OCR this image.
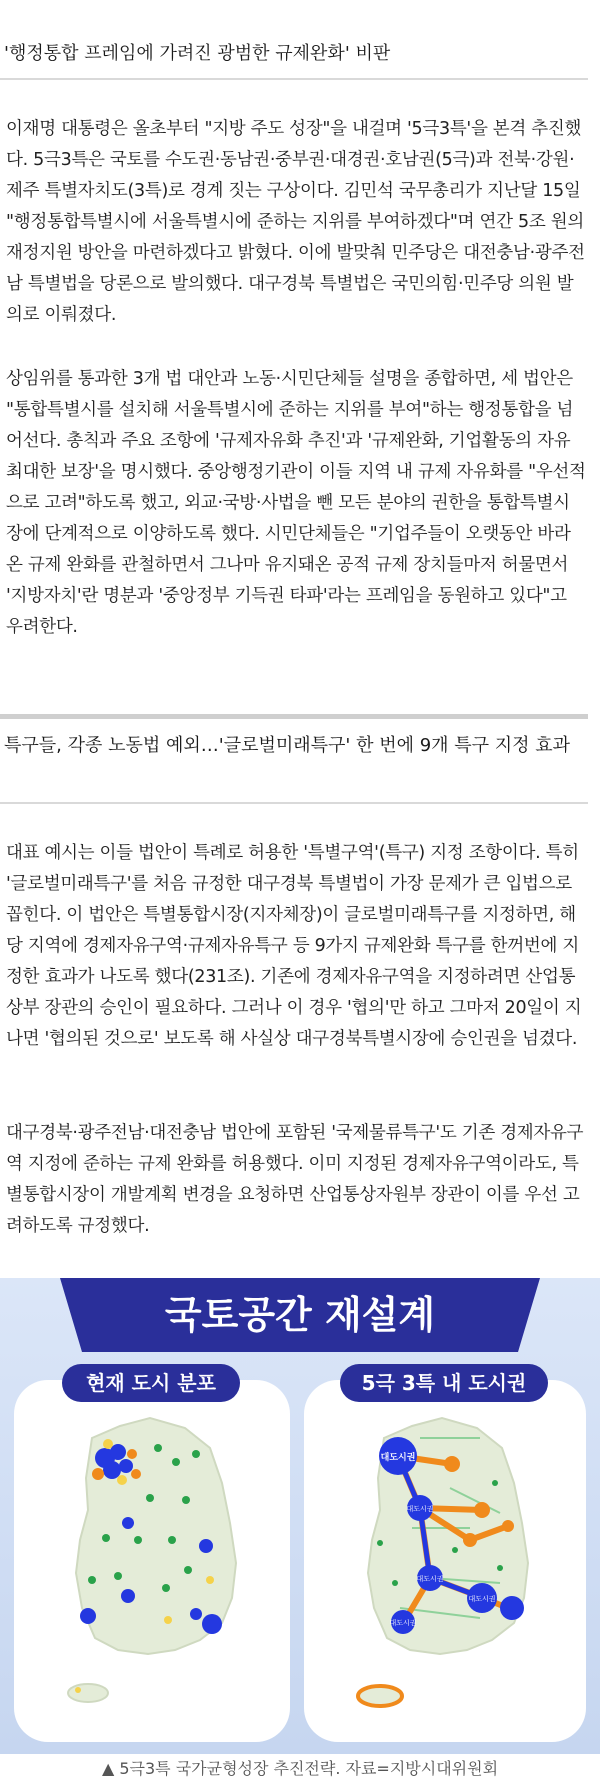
'행정통합 프레임에 가려진 광범한 규제완화' 비판

이재명 대통령은 올초부터 "지방 주도 성장"을 내걸며 '5극3특'을 본격 추진했다. 5극3특은 국토를 수도권·동남권·중부권·대경권·호남권(5극)과 전북·강원·제주 특별자치도(3특)로 경계 짓는 구상이다. 김민석 국무총리가 지난달 15일 "행정통합특별시에 서울특별시에 준하는 지위를 부여하겠다"며 연간 5조 원의 재정지원 방안을 마련하겠다고 밝혔다. 이에 발맞춰 민주당은 대전충남·광주전남 특별법을 당론으로 발의했다. 대구경북 특별법은 국민의힘·민주당 의원 발의로 이뤄졌다.

상임위를 통과한 3개 법 대안과 노동·시민단체들 설명을 종합하면, 세 법안은 "통합특별시를 설치해 서울특별시에 준하는 지위를 부여"하는 행정통합을 넘어선다. 총칙과 주요 조항에 '규제자유화 추진'과 '규제완화, 기업활동의 자유 최대한 보장'을 명시했다. 중앙행정기관이 이들 지역 내 규제 자유화를 "우선적으로 고려"하도록 했고, 외교·국방·사법을 뺀 모든 분야의 권한을 통합특별시장에 단계적으로 이양하도록 했다. 시민단체들은 "기업주들이 오랫동안 바라온 규제 완화를 관철하면서 그나마 유지돼온 공적 규제 장치들마저 허물면서 '지방자치'란 명분과 '중앙정부 기득권 타파'라는 프레임을 동원하고 있다"고 우려한다.

특구들, 각종 노동법 예외…'글로벌미래특구' 한 번에 9개 특구 지정 효과

대표 예시는 이들 법안이 특례로 허용한 '특별구역'(특구) 지정 조항이다. 특히 '글로벌미래특구'를 처음 규정한 대구경북 특별법이 가장 문제가 큰 입법으로 꼽힌다. 이 법안은 특별통합시장(지자체장)이 글로벌미래특구를 지정하면, 해당 지역에 경제자유구역·규제자유특구 등 9가지 규제완화 특구를 한꺼번에 지정한 효과가 나도록 했다(231조). 기존에 경제자유구역을 지정하려면 산업통상부 장관의 승인이 필요하다. 그러나 이 경우 '협의'만 하고 그마저 20일이 지나면 '협의된 것으로' 보도록 해 사실상 대구경북특별시장에 승인권을 넘겼다.

대구경북·광주전남·대전충남 법안에 포함된 '국제물류특구'도 기존 경제자유구역 지정에 준하는 규제 완화를 허용했다. 이미 지정된 경제자유구역이라도, 특별통합시장이 개발계획 변경을 요청하면 산업통상자원부 장관이 이를 우선 고려하도록 규정했다.

국토공간 재설계
현재 도시 분포	5극 3특 내 도시권
대도시권
대도시권
대도시권
대도시권
대도시권
▲ 5극3특 국가균형성장 추진전략. 자료=지방시대위원회
